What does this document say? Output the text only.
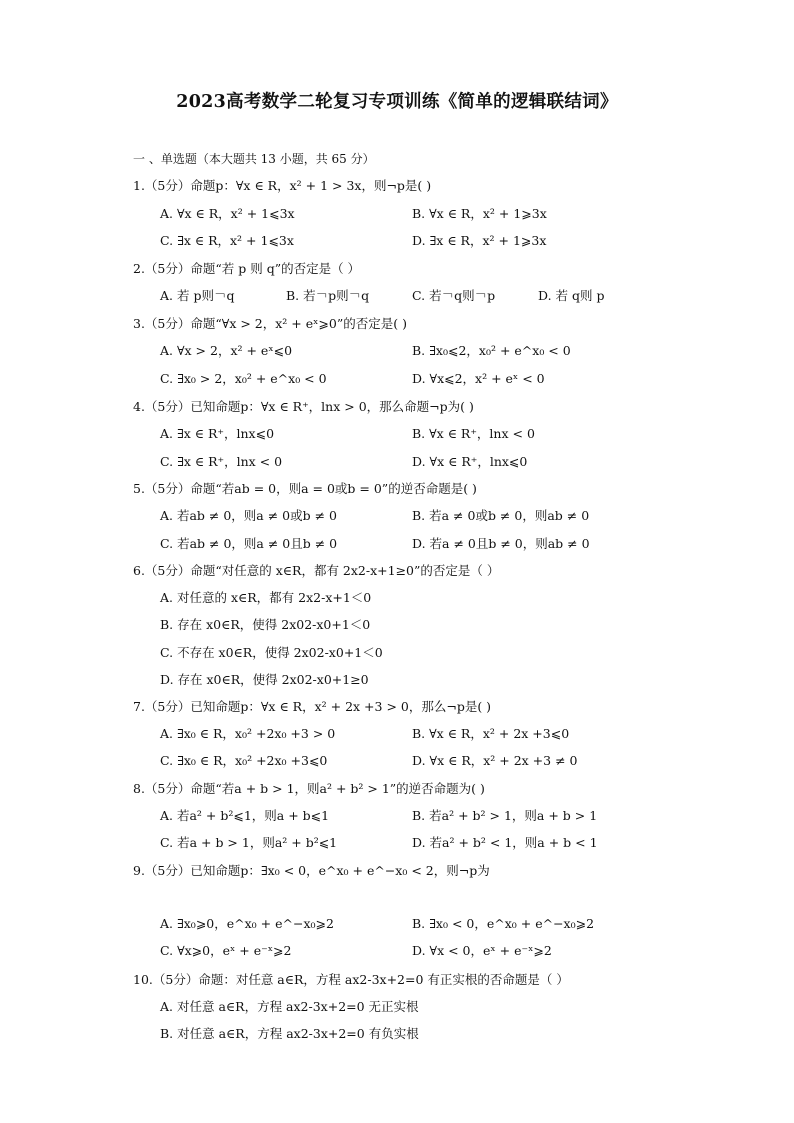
2023高考数学二轮复习专项训练《简单的逻辑联结词》
一 、单选题（本大题共 13 小题，共 65 分）
1.（5分）命题p：∀x ∈ R，x² + 1 > 3x，则¬p是( )
A. ∀x ∈ R，x² + 1⩽3x	B. ∀x ∈ R，x² + 1⩾3x
C. ∃x ∈ R，x² + 1⩽3x	D. ∃x ∈ R，x² + 1⩾3x
2.（5分）命题“若 p 则 q”的否定是（ ）
A. 若 p则￢q	B. 若￢p则￢q	C. 若￢q则￢p	D. 若 q则 p
3.（5分）命题“∀x > 2，x² + eˣ⩾0”的否定是( )
A. ∀x > 2，x² + eˣ⩽0	B. ∃x₀⩽2，x₀² + e^x₀ < 0
C. ∃x₀ > 2，x₀² + e^x₀ < 0	D. ∀x⩽2，x² + eˣ < 0
4.（5分）已知命题p：∀x ∈ R⁺，lnx > 0，那么命题¬p为( )
A. ∃x ∈ R⁺，lnx⩽0	B. ∀x ∈ R⁺，lnx < 0
C. ∃x ∈ R⁺，lnx < 0	D. ∀x ∈ R⁺，lnx⩽0
5.（5分）命题“若ab = 0，则a = 0或b = 0”的逆否命题是( )
A. 若ab ≠ 0，则a ≠ 0或b ≠ 0	B. 若a ≠ 0或b ≠ 0，则ab ≠ 0
C. 若ab ≠ 0，则a ≠ 0且b ≠ 0	D. 若a ≠ 0且b ≠ 0，则ab ≠ 0
6.（5分）命题“对任意的 x∈R，都有 2x2-x+1≥0”的否定是（ ）
A. 对任意的 x∈R，都有 2x2-x+1＜0
B. 存在 x0∈R，使得 2x02-x0+1＜0
C. 不存在 x0∈R，使得 2x02-x0+1＜0
D. 存在 x0∈R，使得 2x02-x0+1≥0
7.（5分）已知命题p：∀x ∈ R，x² + 2x +3 > 0，那么¬p是( )
A. ∃x₀ ∈ R，x₀² +2x₀ +3 > 0	B. ∀x ∈ R，x² + 2x +3⩽0
C. ∃x₀ ∈ R，x₀² +2x₀ +3⩽0	D. ∀x ∈ R，x² + 2x +3 ≠ 0
8.（5分）命题“若a + b > 1，则a² + b² > 1”的逆否命题为( )
A. 若a² + b²⩽1，则a + b⩽1	B. 若a² + b² > 1，则a + b > 1
C. 若a + b > 1，则a² + b²⩽1	D. 若a² + b² < 1，则a + b < 1
9.（5分）已知命题p：∃x₀ < 0，e^x₀ + e^−x₀ < 2，则¬p为
A. ∃x₀⩾0，e^x₀ + e^−x₀⩾2	B. ∃x₀ < 0，e^x₀ + e^−x₀⩾2
C. ∀x⩾0，eˣ + e⁻ˣ⩾2	D. ∀x < 0，eˣ + e⁻ˣ⩾2
10.（5分）命题：对任意 a∈R，方程 ax2-3x+2=0 有正实根的否命题是（ ）
A. 对任意 a∈R，方程 ax2-3x+2=0 无正实根
B. 对任意 a∈R，方程 ax2-3x+2=0 有负实根
